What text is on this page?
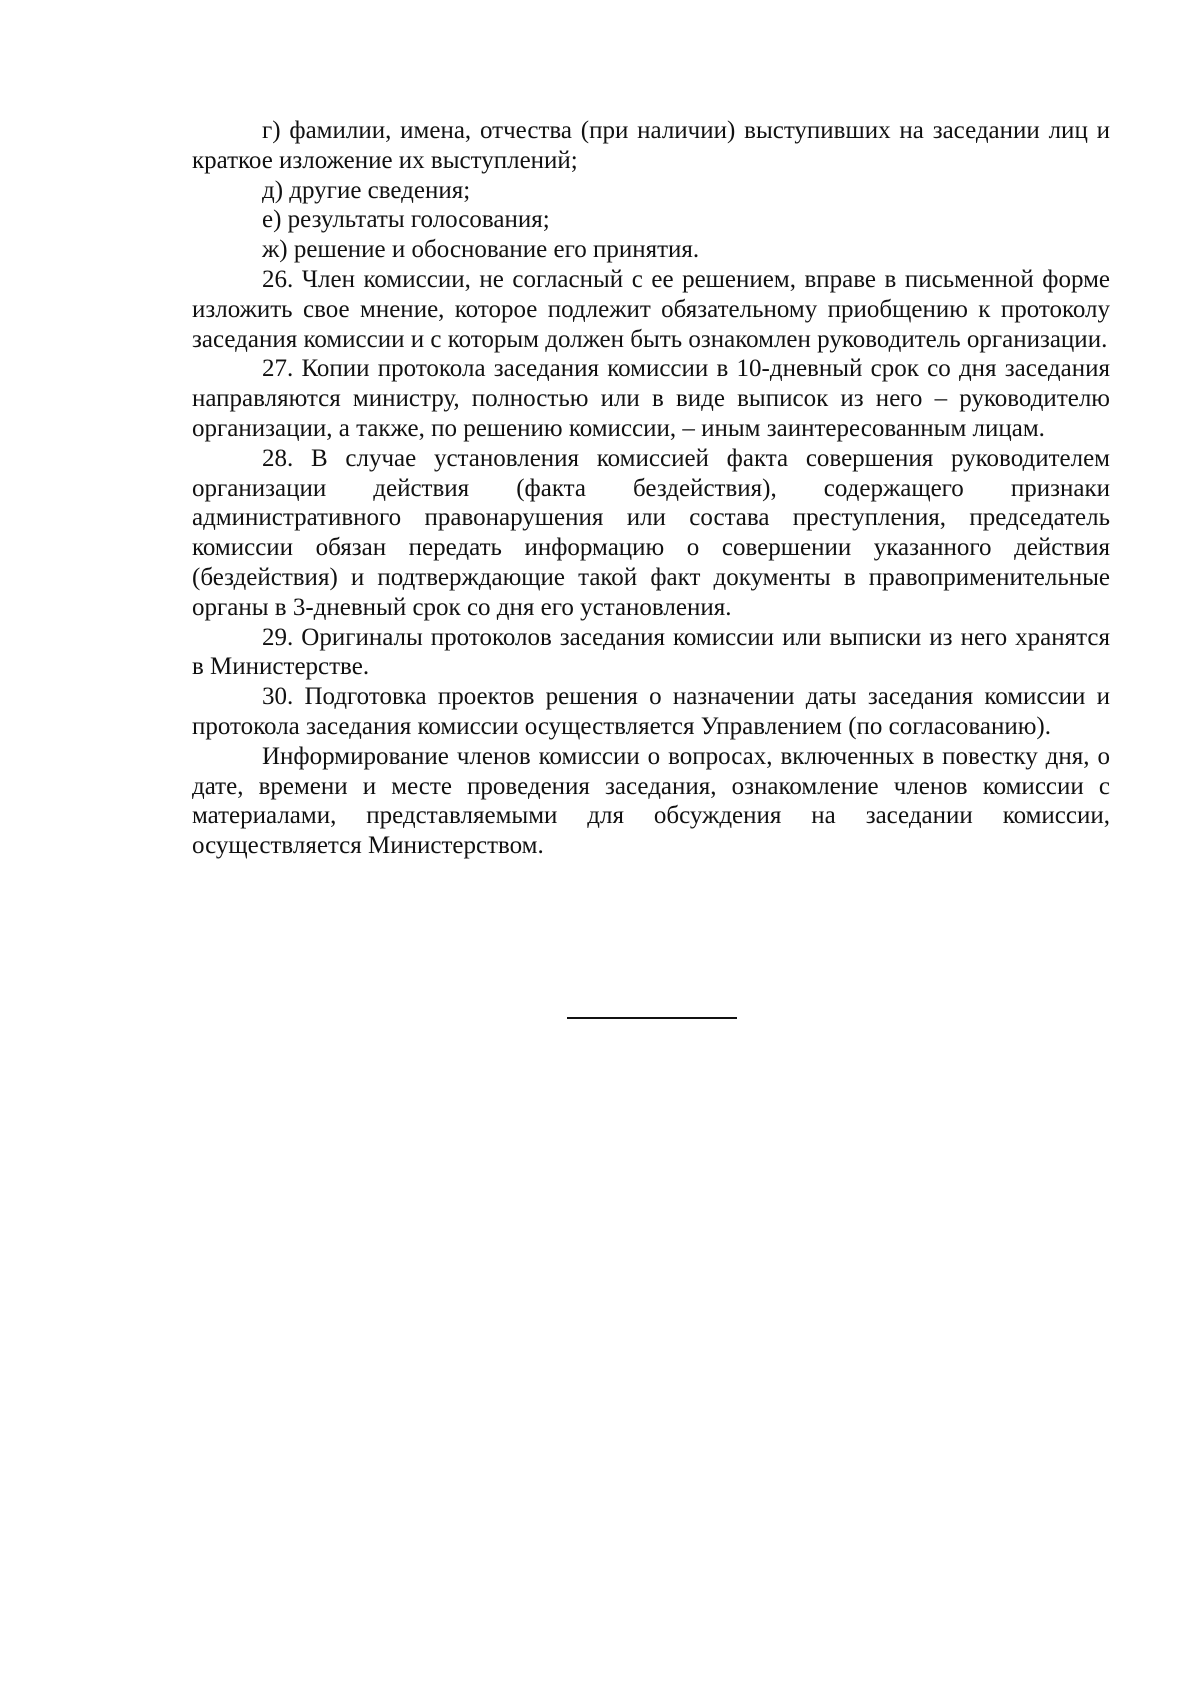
г) фамилии, имена, отчества (при наличии) выступивших на заседании лиц и краткое изложение их выступлений;

д) другие сведения;

е) результаты голосования;

ж) решение и обоснование его принятия.

26. Член комиссии, не согласный с ее решением, вправе в письменной форме изложить свое мнение, которое подлежит обязательному приобщению к протоколу заседания комиссии и с которым должен быть ознакомлен руководитель организации.

27. Копии протокола заседания комиссии в 10-дневный срок со дня заседания направляются министру, полностью или в виде выписок из него – руководителю организации, а также, по решению комиссии, – иным заинтересованным лицам.

28. В случае установления комиссией факта совершения руководителем организации действия (факта бездействия), содержащего признаки административного правонарушения или состава преступления, председатель комиссии обязан передать информацию о совершении указанного действия (бездействия) и подтверждающие такой факт документы в правоприменительные органы в 3-дневный срок со дня его установления.

29. Оригиналы протоколов заседания комиссии или выписки из него хранятся в Министерстве.

30. Подготовка проектов решения о назначении даты заседания комиссии и протокола заседания комиссии осуществляется Управлением (по согласованию).

Информирование членов комиссии о вопросах, включенных в повестку дня, о дате, времени и месте проведения заседания, ознакомление членов комиссии с материалами, представляемыми для обсуждения на заседании комиссии, осуществляется Министерством.
